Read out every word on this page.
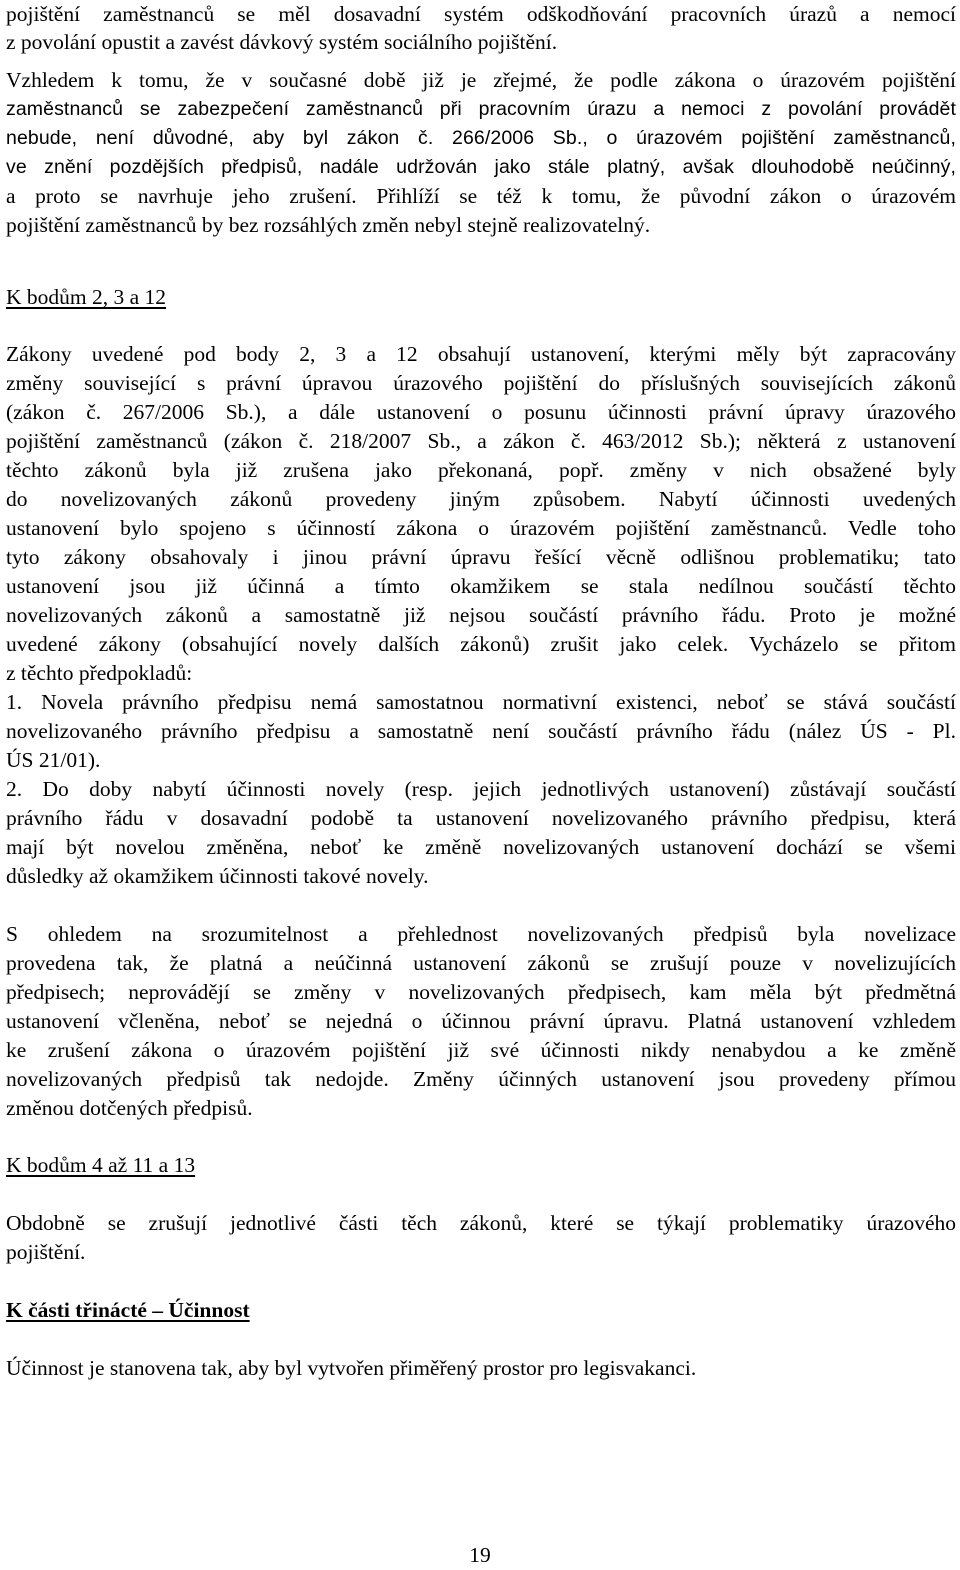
pojištění zaměstnanců se měl dosavadní systém odškodňování pracovních úrazů a nemocí
z povolání opustit a zavést dávkový systém sociálního pojištění.
Vzhledem k tomu, že v současné době již je zřejmé, že podle zákona o úrazovém pojištění
zaměstnanců se zabezpečení zaměstnanců při pracovním úrazu a nemoci z povolání provádět
nebude, není důvodné, aby byl zákon č. 266/2006 Sb., o úrazovém pojištění zaměstnanců,
ve znění pozdějších předpisů, nadále udržován jako stále platný, avšak dlouhodobě neúčinný,
a proto se navrhuje jeho zrušení. Přihlíží se též k tomu, že původní zákon o úrazovém
pojištění zaměstnanců by bez rozsáhlých změn nebyl stejně realizovatelný.
K bodům 2, 3 a 12
Zákony uvedené pod body 2, 3 a 12 obsahují ustanovení, kterými měly být zapracovány
změny související s právní úpravou úrazového pojištění do příslušných souvisejících zákonů
(zákon č. 267/2006 Sb.), a dále ustanovení o posunu účinnosti právní úpravy úrazového
pojištění zaměstnanců (zákon č. 218/2007 Sb., a zákon č. 463/2012 Sb.); některá z ustanovení
těchto zákonů byla již zrušena jako překonaná, popř. změny v nich obsažené byly
do novelizovaných zákonů provedeny jiným způsobem. Nabytí účinnosti uvedených
ustanovení bylo spojeno s účinností zákona o úrazovém pojištění zaměstnanců. Vedle toho
tyto zákony obsahovaly i jinou právní úpravu řešící věcně odlišnou problematiku; tato
ustanovení jsou již účinná a tímto okamžikem se stala nedílnou součástí těchto
novelizovaných zákonů a samostatně již nejsou součástí právního řádu. Proto je možné
uvedené zákony (obsahující novely dalších zákonů) zrušit jako celek. Vycházelo se přitom
z těchto předpokladů:
1. Novela právního předpisu nemá samostatnou normativní existenci, neboť se stává součástí
novelizovaného právního předpisu a samostatně není součástí právního řádu (nález ÚS - Pl.
ÚS 21/01).
2. Do doby nabytí účinnosti novely (resp. jejich jednotlivých ustanovení) zůstávají součástí
právního řádu v dosavadní podobě ta ustanovení novelizovaného právního předpisu, která
mají být novelou změněna, neboť ke změně novelizovaných ustanovení dochází se všemi
důsledky až okamžikem účinnosti takové novely.
S ohledem na srozumitelnost a přehlednost novelizovaných předpisů byla novelizace
provedena tak, že platná a neúčinná ustanovení zákonů se zrušují pouze v novelizujících
předpisech; neprovádějí se změny v novelizovaných předpisech, kam měla být předmětná
ustanovení včleněna, neboť se nejedná o účinnou právní úpravu. Platná ustanovení vzhledem
ke zrušení zákona o úrazovém pojištění již své účinnosti nikdy nenabydou a ke změně
novelizovaných předpisů tak nedojde. Změny účinných ustanovení jsou provedeny přímou
změnou dotčených předpisů.
K bodům 4 až 11 a 13
Obdobně se zrušují jednotlivé části těch zákonů, které se týkají problematiky úrazového
pojištění.
K části třinácté – Účinnost
Účinnost je stanovena tak, aby byl vytvořen přiměřený prostor pro legisvakanci.
19
